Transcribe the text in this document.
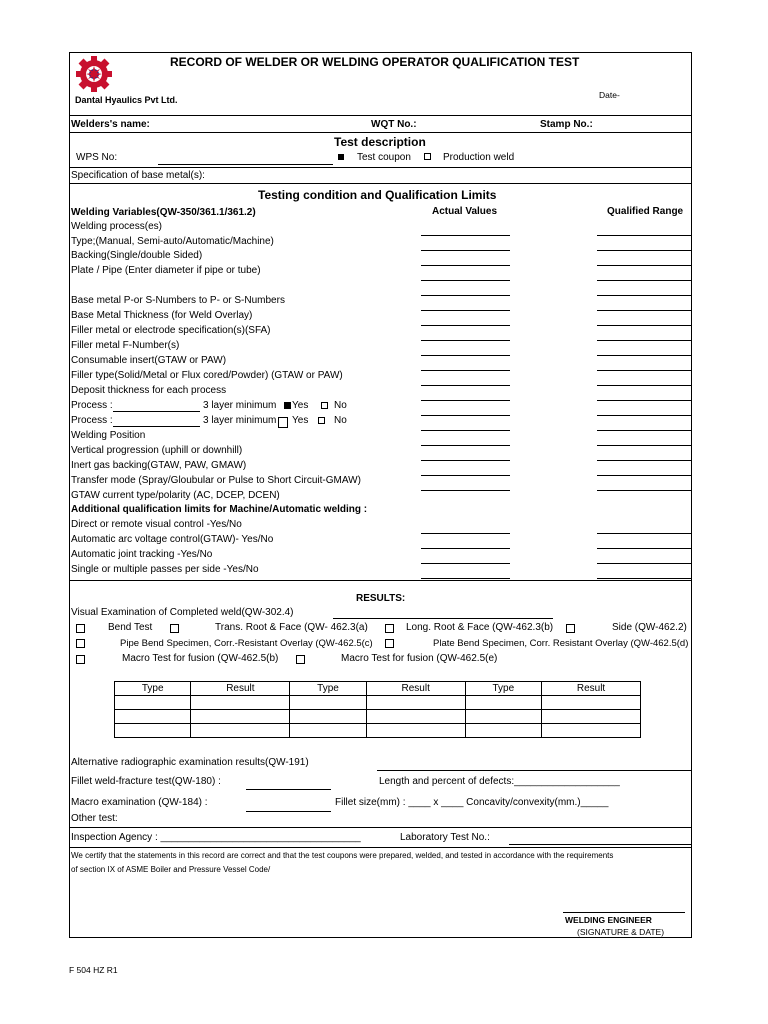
RECORD OF WELDER OR WELDING OPERATOR QUALIFICATION TEST
Dantal Hyaulics Pvt Ltd.	Date-
Welders's name:	WQT No.:	Stamp No.:
Test description
WPS No:	Test coupon	Production weld
Specification of base metal(s):
Testing condition and Qualification Limits
Welding Variables(QW-350/361.1/361.2)	Actual Values	Qualified Range
Welding process(es)
Type;(Manual, Semi-auto/Automatic/Machine)
Backing(Single/double Sided)
Plate / Pipe (Enter diameter if pipe or tube)
Base metal P-or S-Numbers to P- or S-Numbers
Base Metal Thickness (for Weld Overlay)
Filler metal or electrode specification(s)(SFA)
Filler metal F-Number(s)
Consumable insert(GTAW or PAW)
Filler type(Solid/Metal or Flux cored/Powder) (GTAW or PAW)
Deposit thickness for each process
Process :	3 layer minimum Yes	No
Process :	3 layer minimum Yes	No
Welding Position
Vertical progression (uphill or downhill)
Inert gas backing(GTAW, PAW, GMAW)
Transfer mode (Spray/Gloubular or Pulse to Short Circuit-GMAW)
GTAW current type/polarity (AC, DCEP, DCEN)
Additional qualification limits for Machine/Automatic welding :
Direct or remote visual control -Yes/No
Automatic arc voltage control(GTAW)- Yes/No
Automatic joint tracking -Yes/No
Single or multiple passes per side -Yes/No
RESULTS:
Visual Examination of Completed weld(QW-302.4)
Bend Test	Trans. Root & Face (QW- 462.3(a)	Long. Root & Face (QW-462.3(b)	Side (QW-462.2)
Pipe Bend Specimen, Corr.-Resistant Overlay (QW-462.5(c)	Plate Bend Specimen, Corr. Resistant Overlay (QW-462.5(d)
Macro Test for fusion (QW-462.5(b)	Macro Test for fusion (QW-462.5(e)
Type	Result	Type	Result	Type	Result

Alternative radiographic examination results(QW-191)
Fillet weld-fracture test(QW-180) :	Length and percent of defects:___________________
Macro examination (QW-184) :	Fillet size(mm) : ____ x ____ Concavity/convexity(mm.)_____
Other test:
Inspection Agency : ____________________________________	Laboratory Test No.:
We certify that the statements in this record are correct and that the test coupons were prepared, welded, and tested in accordance with the requirements
of section IX of ASME Boiler and Pressure Vessel Code/
WELDING ENGINEER
(SIGNATURE & DATE)
F 504 HZ R1
